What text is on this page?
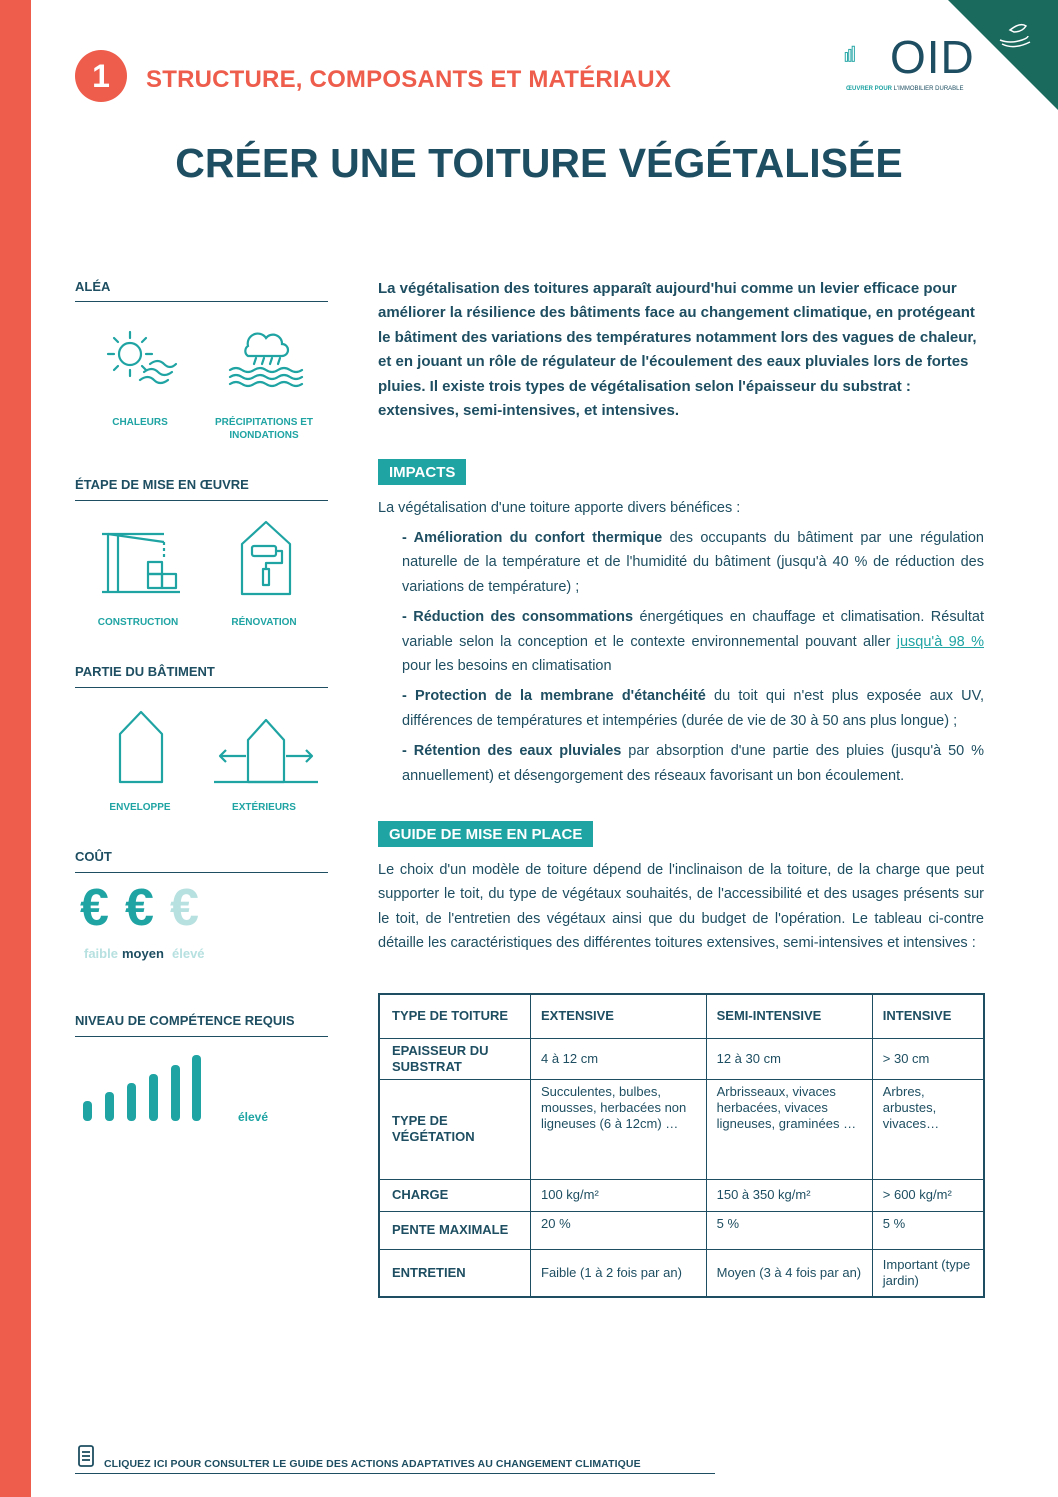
1	STRUCTURE, COMPOSANTS ET MATÉRIAUX	OID
ŒUVRER POUR L'IMMOBILIER DURABLE
CRÉER UNE TOITURE VÉGÉTALISÉE
ALÉA
CHALEURS	PRÉCIPITATIONS ET
INONDATIONS
ÉTAPE DE MISE EN ŒUVRE
CONSTRUCTION	RÉNOVATION
PARTIE DU BÂTIMENT
ENVELOPPE	EXTÉRIEURS
COÛT
€ € €
faible moyen élevé
NIVEAU DE COMPÉTENCE REQUIS
élevé
La végétalisation des toitures apparaît aujourd'hui comme un levier efficace pour améliorer la résilience des bâtiments face au changement climatique, en protégeant le bâtiment des variations des températures notamment lors des vagues de chaleur, et en jouant un rôle de régulateur de l'écoulement des eaux pluviales lors de fortes pluies. Il existe trois types de végétalisation selon l'épaisseur du substrat : extensives, semi-intensives, et intensives.
IMPACTS
La végétalisation d'une toiture apporte divers bénéfices :

- Amélioration du confort thermique des occupants du bâtiment par une régulation naturelle de la température et de l'humidité du bâtiment (jusqu'à 40 % de réduction des variations de température) ;

- Réduction des consommations énergétiques en chauffage et climatisation. Résultat variable selon la conception et le contexte environnemental pouvant aller jusqu'à 98 % pour les besoins en climatisation

- Protection de la membrane d'étanchéité du toit qui n'est plus exposée aux UV, différences de températures et intempéries (durée de vie de 30 à 50 ans plus longue) ;

- Rétention des eaux pluviales par absorption d'une partie des pluies (jusqu'à 50 % annuellement) et désengorgement des réseaux favorisant un bon écoulement.

GUIDE DE MISE EN PLACE
Le choix d'un modèle de toiture dépend de l'inclinaison de la toiture, de la charge que peut supporter le toit, du type de végétaux souhaités, de l'accessibilité et des usages présents sur le toit, de l'entretien des végétaux ainsi que du budget de l'opération. Le tableau ci-contre détaille les caractéristiques des différentes toitures extensives, semi-intensives et intensives :
TYPE DE TOITURE	EXTENSIVE	SEMI-INTENSIVE	INTENSIVE
EPAISSEUR DU SUBSTRAT	4 à 12 cm	12 à 30 cm	> 30 cm
TYPE DE VÉGÉTATION	Succulentes, bulbes, mousses, herbacées non ligneuses (6 à 12cm) …	Arbrisseaux, vivaces herbacées, vivaces ligneuses, graminées …	Arbres, arbustes, vivaces…
CHARGE	100 kg/m²	150 à 350 kg/m²	> 600 kg/m²
PENTE MAXIMALE	20 %	5 %	5 %
ENTRETIEN	Faible (1 à 2 fois par an)	Moyen (3 à 4 fois par an)	Important (type jardin)
CLIQUEZ ICI POUR CONSULTER LE GUIDE DES ACTIONS ADAPTATIVES AU CHANGEMENT CLIMATIQUE
